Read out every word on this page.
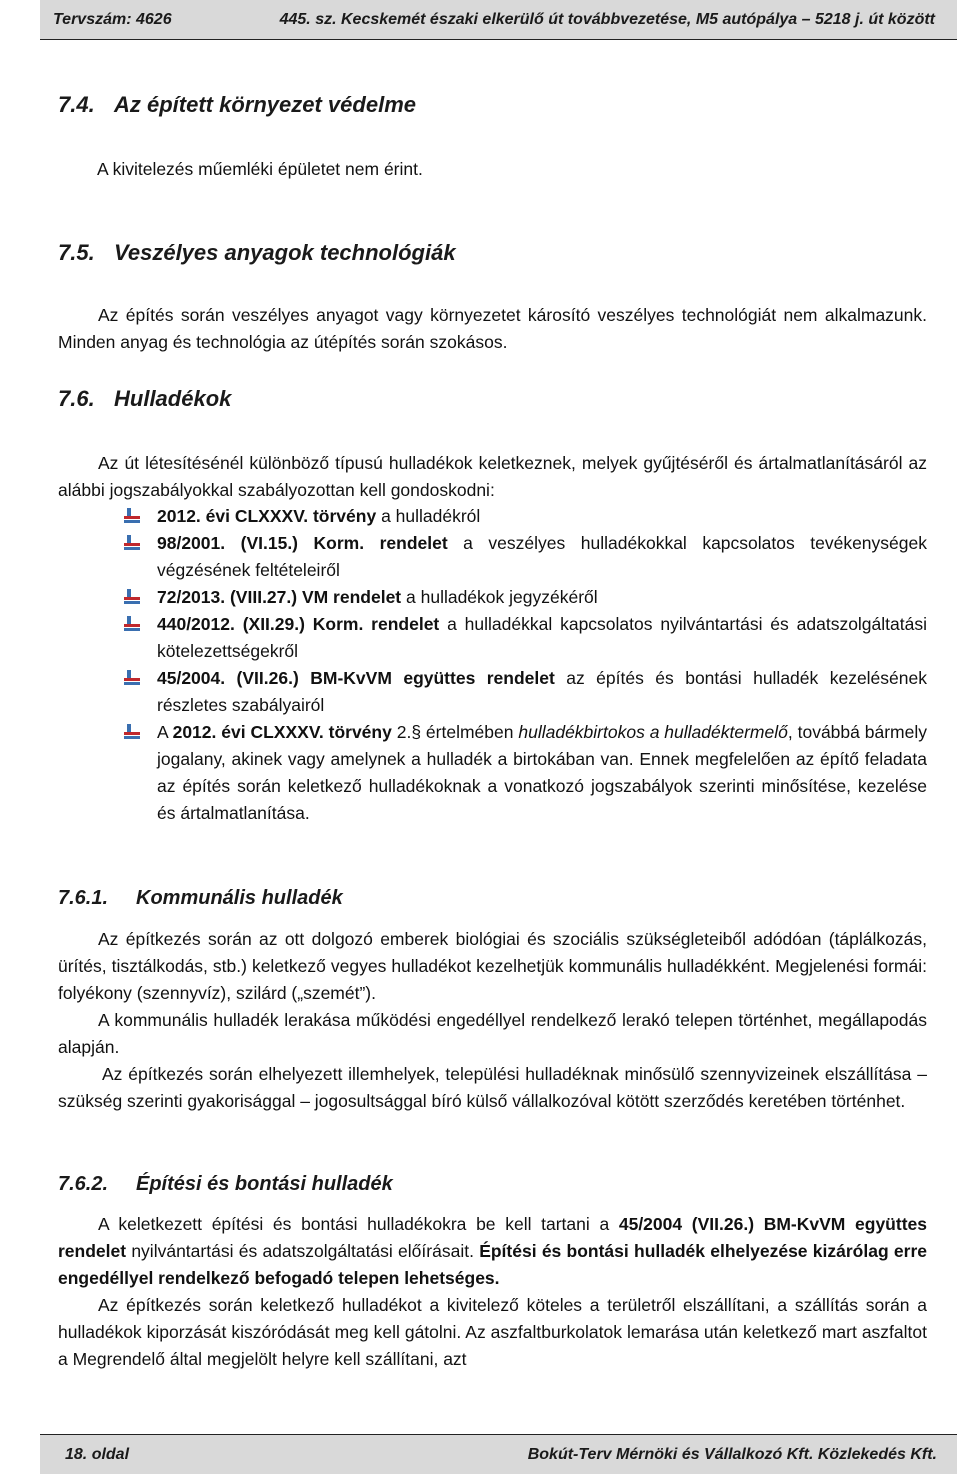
Tervszám: 4626	445. sz. Kecskemét északi elkerülő út továbbvezetése, M5 autópálya – 5218 j. út között
7.4. Az épített környezet védelme
A kivitelezés műemléki épületet nem érint.
7.5. Veszélyes anyagok technológiák
Az építés során veszélyes anyagot vagy környezetet károsító veszélyes technológiát nem alkalmazunk. Minden anyag és technológia az útépítés során szokásos.
7.6. Hulladékok
Az út létesítésénél különböző típusú hulladékok keletkeznek, melyek gyűjtéséről és ártalmatlanításáról az alábbi jogszabályokkal szabályozottan kell gondoskodni:
2012. évi CLXXXV. törvény a hulladékról
98/2001. (VI.15.) Korm. rendelet a veszélyes hulladékokkal kapcsolatos tevékenységek végzésének feltételeiről
72/2013. (VIII.27.) VM rendelet a hulladékok jegyzékéről
440/2012. (XII.29.) Korm. rendelet a hulladékkal kapcsolatos nyilvántartási és adatszolgáltatási kötelezettségekről
45/2004. (VII.26.) BM-KvVM együttes rendelet az építés és bontási hulladék kezelésének részletes szabályairól
A 2012. évi CLXXXV. törvény 2.§ értelmében hulladékbirtokos a hulladéktermelő, továbbá bármely jogalany, akinek vagy amelynek a hulladék a birtokában van. Ennek megfelelően az építő feladata az építés során keletkező hulladékoknak a vonatkozó jogszabályok szerinti minősítése, kezelése és ártalmatlanítása.
7.6.1. Kommunális hulladék
Az építkezés során az ott dolgozó emberek biológiai és szociális szükségleteiből adódóan (táplálkozás, ürítés, tisztálkodás, stb.) keletkező vegyes hulladékot kezelhetjük kommunális hulladékként. Megjelenési formái: folyékony (szennyvíz), szilárd („szemét”).
A kommunális hulladék lerakása működési engedéllyel rendelkező lerakó telepen történhet, megállapodás alapján.
Az építkezés során elhelyezett illemhelyek, települési hulladéknak minősülő szennyvizeinek elszállítása – szükség szerinti gyakorisággal – jogosultsággal bíró külső vállalkozóval kötött szerződés keretében történhet.
7.6.2. Építési és bontási hulladék
A keletkezett építési és bontási hulladékokra be kell tartani a 45/2004 (VII.26.) BM-KvVM együttes rendelet nyilvántartási és adatszolgáltatási előírásait. Építési és bontási hulladék elhelyezése kizárólag erre engedéllyel rendelkező befogadó telepen lehetséges.
Az építkezés során keletkező hulladékot a kivitelező köteles a területről elszállítani, a szállítás során a hulladékok kiporzását kiszóródását meg kell gátolni. Az aszfaltburkolatok lemarása után keletkező mart aszfaltot a Megrendelő által megjelölt helyre kell szállítani, azt
18. oldal	Bokút-Terv Mérnöki és Vállalkozó Kft. Közlekedés Kft.
